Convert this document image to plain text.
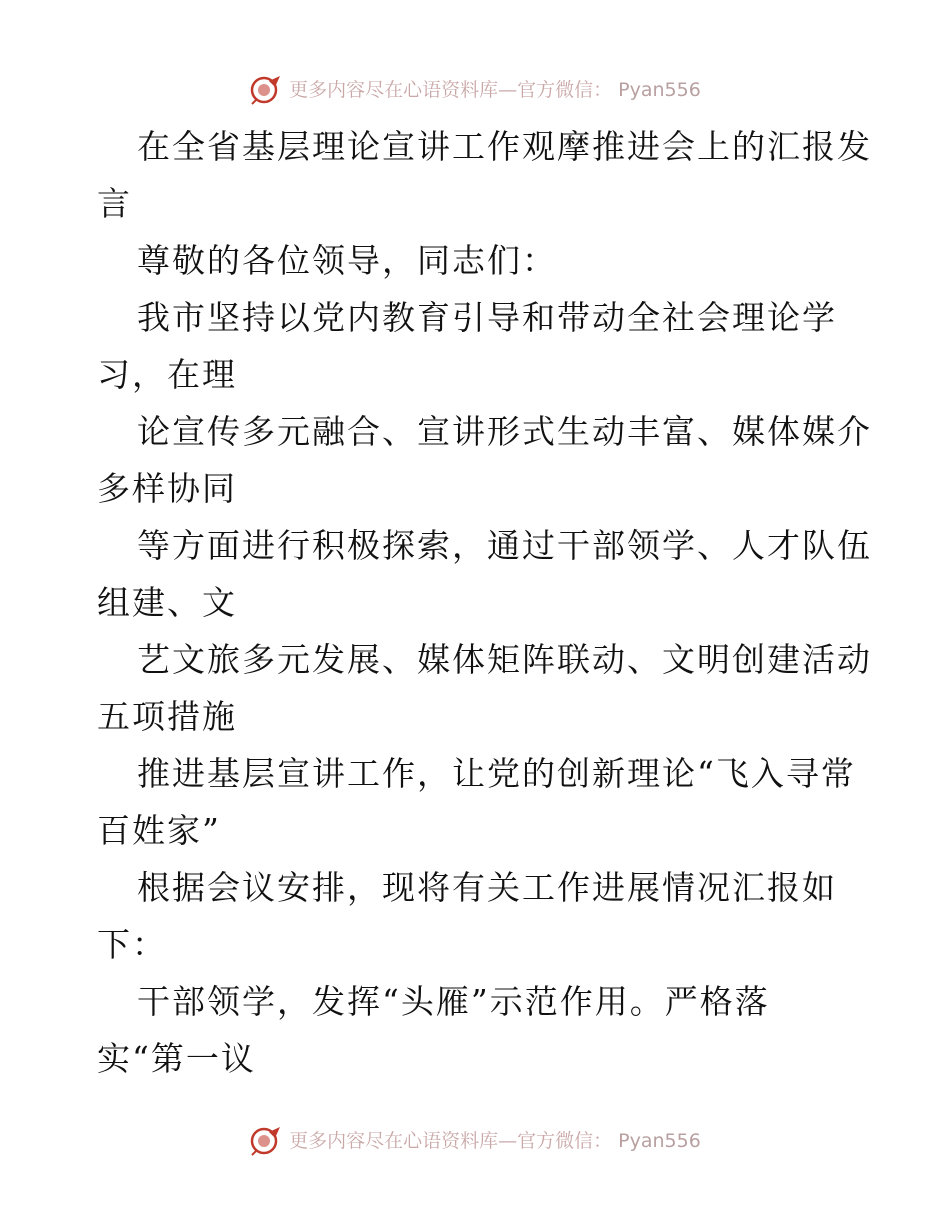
更多内容尽在心语资料库—官方微信： Pyan556

在全省基层理论宣讲工作观摩推进会上的汇报发
言

尊敬的各位领导，同志们：

我市坚持以党内教育引导和带动全社会理论学
习，在理

论宣传多元融合、宣讲形式生动丰富、媒体媒介
多样协同

等方面进行积极探索，通过干部领学、人才队伍
组建、文

艺文旅多元发展、媒体矩阵联动、文明创建活动
五项措施

推进基层宣讲工作，让党的创新理论“飞入寻常
百姓家”

根据会议安排，现将有关工作进展情况汇报如
下：

干部领学，发挥“头雁”示范作用。严格落
实“第一议

更多内容尽在心语资料库—官方微信： Pyan556
